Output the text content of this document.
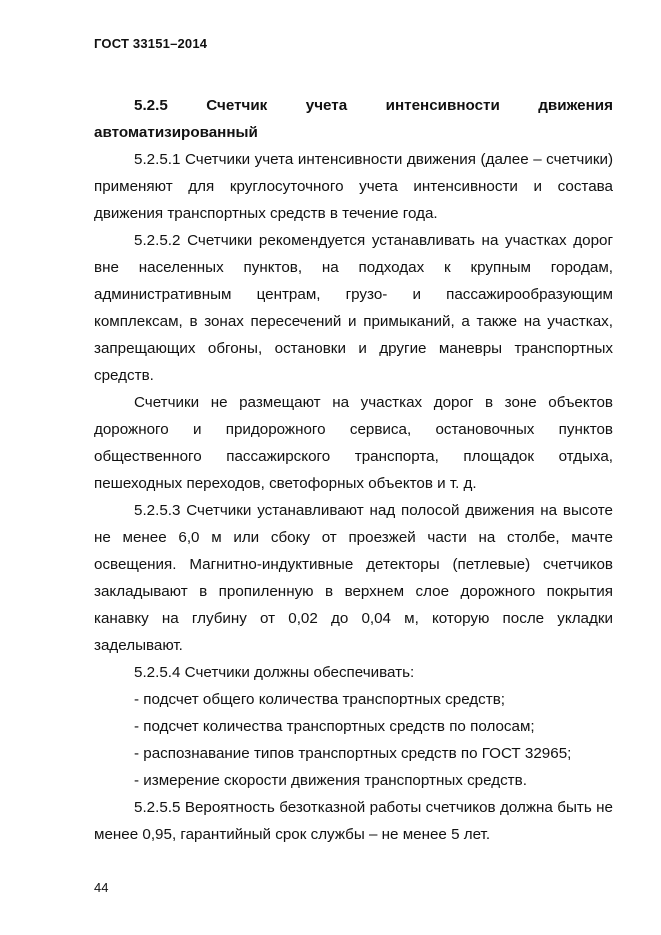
ГОСТ 33151–2014

5.2.5 Счетчик учета интенсивности движения автоматизированный

5.2.5.1 Счетчики учета интенсивности движения (далее – счетчики) применяют для круглосуточного учета интенсивности и состава движения транспортных средств в течение года.

5.2.5.2 Счетчики рекомендуется устанавливать на участках дорог вне населенных пунктов, на подходах к крупным городам, административным центрам, грузо- и пассажирообразующим комплексам, в зонах пересечений и примыканий, а также на участках, запрещающих обгоны, остановки и другие маневры транспортных средств.

Счетчики не размещают на участках дорог в зоне объектов дорожного и придорожного сервиса, остановочных пунктов общественного пассажирского транспорта, площадок отдыха, пешеходных переходов, светофорных объектов и т. д.

5.2.5.3 Счетчики устанавливают над полосой движения на высоте не менее 6,0 м или сбоку от проезжей части на столбе, мачте освещения. Магнитно-индуктивные детекторы (петлевые) счетчиков закладывают в пропиленную в верхнем слое дорожного покрытия канавку на глубину от 0,02 до 0,04 м, которую после укладки заделывают.

5.2.5.4 Счетчики должны обеспечивать:

- подсчет общего количества транспортных средств;

- подсчет количества транспортных средств по полосам;

- распознавание типов транспортных средств по ГОСТ 32965;

- измерение скорости движения транспортных средств.

5.2.5.5 Вероятность безотказной работы счетчиков должна быть не менее 0,95, гарантийный срок службы – не менее 5 лет.

44
